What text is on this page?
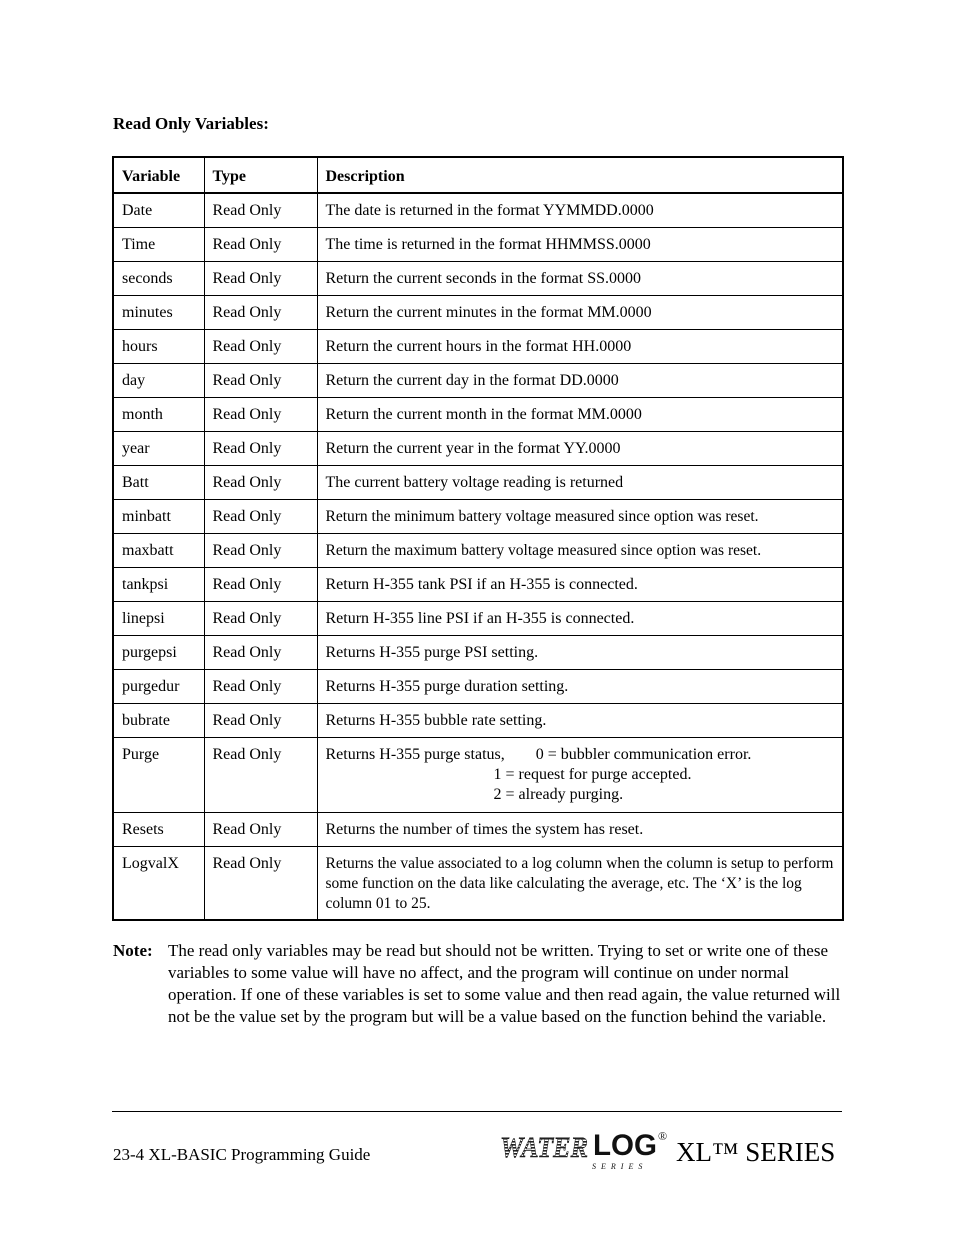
Read Only Variables:
Variable	Type	Description
Date	Read Only	The date is returned in the format YYMMDD.0000
Time	Read Only	The time is returned in the format HHMMSS.0000
seconds	Read Only	Return the current seconds in the format SS.0000
minutes	Read Only	Return the current minutes in the format MM.0000
hours	Read Only	Return the current hours in the format HH.0000
day	Read Only	Return the current day in the format DD.0000
month	Read Only	Return the current month in the format MM.0000
year	Read Only	Return the current year in the format YY.0000
Batt	Read Only	The current battery voltage reading is returned
minbatt	Read Only	Return the minimum battery voltage measured since option was reset.
maxbatt	Read Only	Return the maximum battery voltage measured since option was reset.
tankpsi	Read Only	Return H-355 tank PSI if an H-355 is connected.
linepsi	Read Only	Return H-355 line PSI if an H-355 is connected.
purgepsi	Read Only	Returns H-355 purge PSI setting.
purgedur	Read Only	Returns H-355 purge duration setting.
bubrate	Read Only	Returns H-355 bubble rate setting.
Purge	Read Only	Returns H-355 purge status, 0 = bubbler communication error.
1 = request for purge accepted.
2 = already purging.

Resets	Read Only	Returns the number of times the system has reset.
LogvalX	Read Only	Returns the value associated to a log column when the column is setup to perform some function on the data like calculating the average, etc. The ‘X’ is the log column 01 to 25.
Note: The read only variables may be read but should not be written. Trying to set or write one of these variables to some value will have no affect, and the program will continue on under normal operation. If one of these variables is set to some value and then read again, the value returned will not be the value set by the program but will be a value based on the function behind the variable.
23-4 XL-BASIC Programming Guide	WATER LOG ®
SERIES XL™ SERIES
